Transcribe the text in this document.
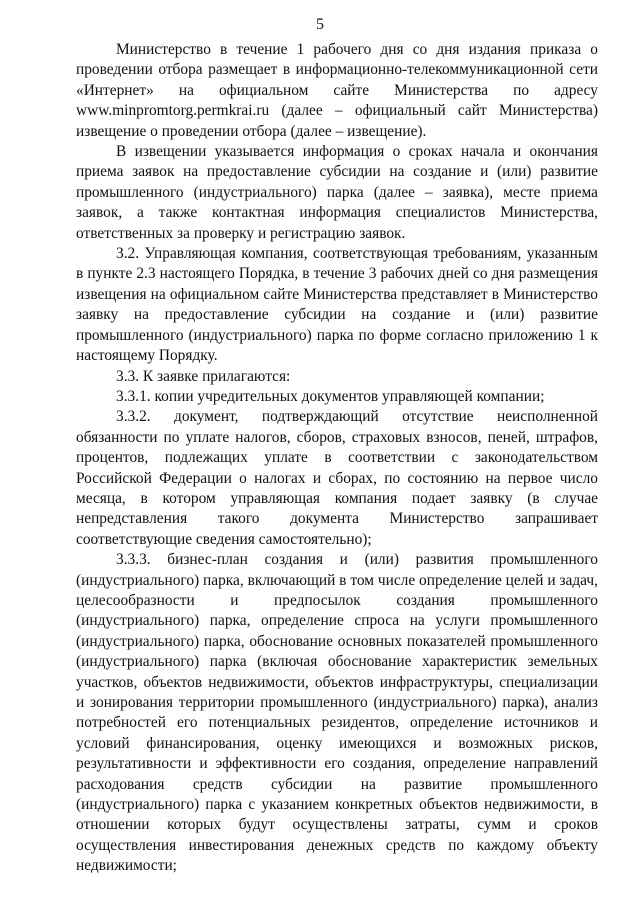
5

Министерство в течение 1 рабочего дня со дня издания приказа о проведении отбора размещает в информационно-телекоммуникационной сети «Интернет» на официальном сайте Министерства по адресу www.minpromtorg.permkrai.ru (далее – официальный сайт Министерства) извещение о проведении отбора (далее – извещение).

В извещении указывается информация о сроках начала и окончания приема заявок на предоставление субсидии на создание и (или) развитие промышленного (индустриального) парка (далее – заявка), месте приема заявок, а также контактная информация специалистов Министерства, ответственных за проверку и регистрацию заявок.

3.2. Управляющая компания, соответствующая требованиям, указанным в пункте 2.3 настоящего Порядка, в течение 3 рабочих дней со дня размещения извещения на официальном сайте Министерства представляет в Министерство заявку на предоставление субсидии на создание и (или) развитие промышленного (индустриального) парка по форме согласно приложению 1 к настоящему Порядку.

3.3. К заявке прилагаются:

3.3.1. копии учредительных документов управляющей компании;

3.3.2. документ, подтверждающий отсутствие неисполненной обязанности по уплате налогов, сборов, страховых взносов, пеней, штрафов, процентов, подлежащих уплате в соответствии с законодательством Российской Федерации о налогах и сборах, по состоянию на первое число месяца, в котором управляющая компания подает заявку (в случае непредставления такого документа Министерство запрашивает соответствующие сведения самостоятельно);

3.3.3. бизнес-план создания и (или) развития промышленного (индустриального) парка, включающий в том числе определение целей и задач, целесообразности и предпосылок создания промышленного (индустриального) парка, определение спроса на услуги промышленного (индустриального) парка, обоснование основных показателей промышленного (индустриального) парка (включая обоснование характеристик земельных участков, объектов недвижимости, объектов инфраструктуры, специализации и зонирования территории промышленного (индустриального) парка), анализ потребностей его потенциальных резидентов, определение источников и условий финансирования, оценку имеющихся и возможных рисков, результативности и эффективности его создания, определение направлений расходования средств субсидии на развитие промышленного (индустриального) парка с указанием конкретных объектов недвижимости, в отношении которых будут осуществлены затраты, сумм и сроков осуществления инвестирования денежных средств по каждому объекту недвижимости;
